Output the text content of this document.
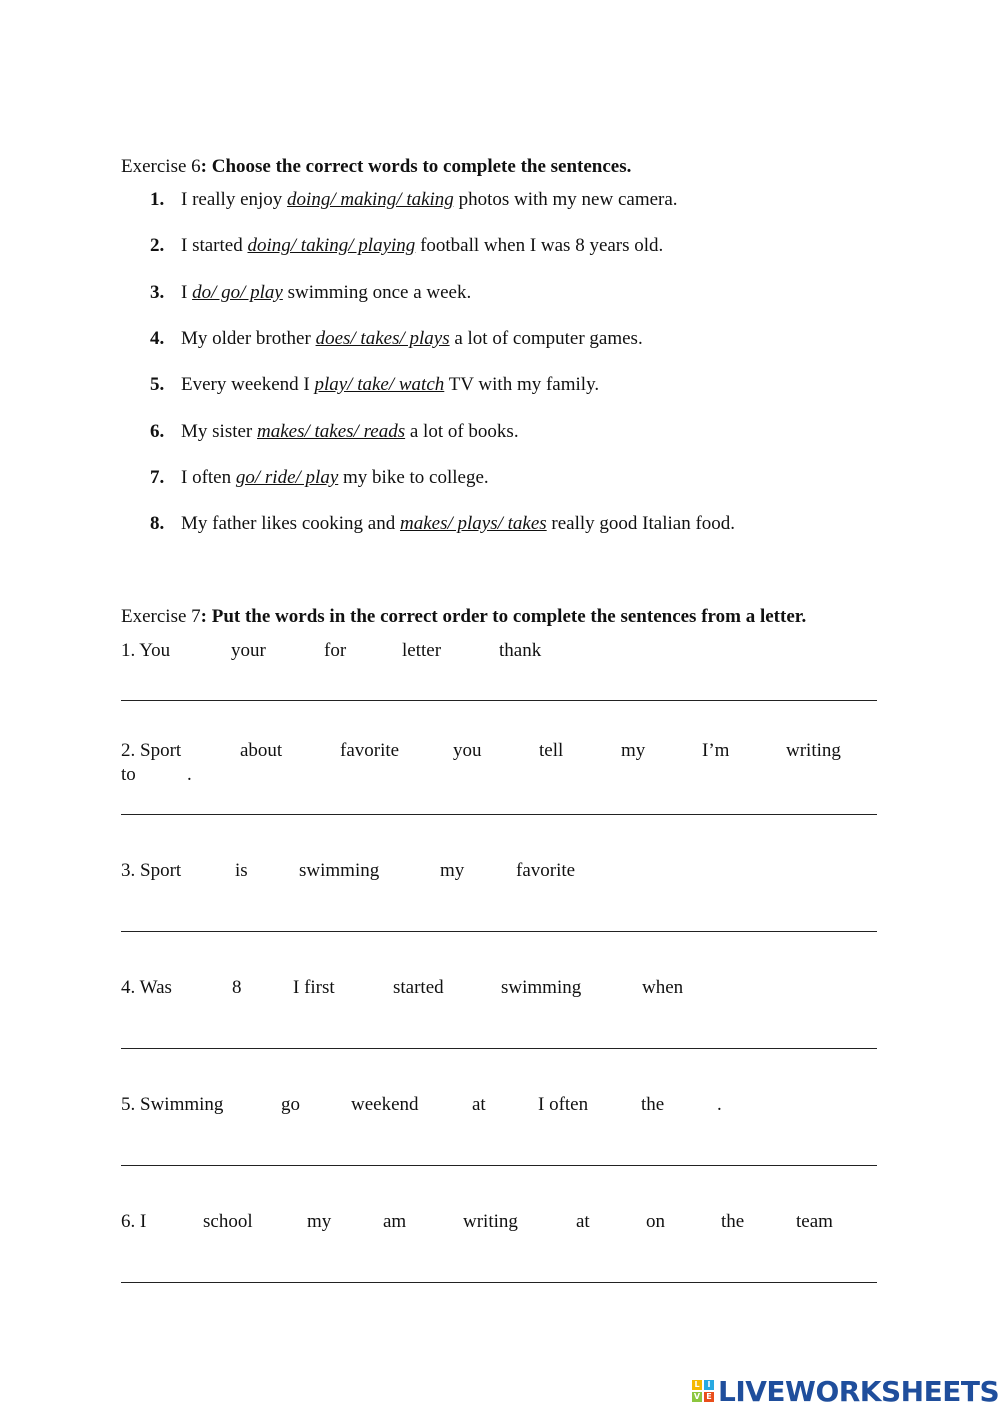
Exercise 6: Choose the correct words to complete the sentences.
1. I really enjoy doing/ making/ taking photos with my new camera.
2. I started doing/ taking/ playing football when I was 8 years old.
3. I do/ go/ play swimming once a week.
4. My older brother does/ takes/ plays a lot of computer games.
5. Every weekend I play/ take/ watch TV with my family.
6. My sister makes/ takes/ reads a lot of books.
7. I often go/ ride/ play my bike to college.
8. My father likes cooking and makes/ plays/ takes really good Italian food.
Exercise 7: Put the words in the correct order to complete the sentences from a letter.
1. You	your	for	letter	thank
2. Sport	about	favorite	you	tell	my	I’m	writing
to	.
3. Sport	is	swimming	my	favorite
4. Was	8	I first	started	swimming	when
5. Swimming	go	weekend	at	I often	the	.
6. I	school	my	am	writing	at	on	the	team
L I
V E LIVEWORKSHEETS
